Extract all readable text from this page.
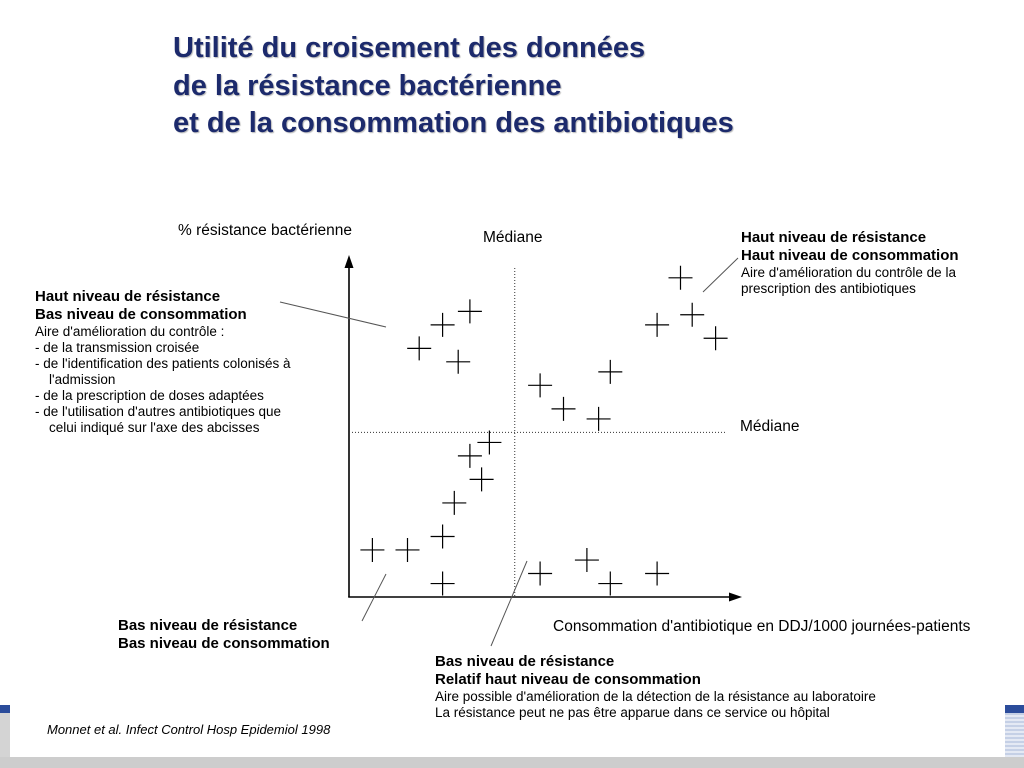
Utilité du croisement des données
de la résistance bactérienne
et de la consommation des antibiotiques
% résistance bactérienne	Médiane
Médiane
Consommation d'antibiotique en DDJ/1000 journées-patients
Haut niveau de résistance
Bas niveau de consommation
Aire d'amélioration du contrôle :
- de la transmission croisée
- de l'identification des patients colonisés à
l'admission
- de la prescription de doses adaptées
- de l'utilisation d'autres antibiotiques que
celui indiqué sur l'axe des abcisses
Haut niveau de résistance
Haut niveau de consommation
Aire d'amélioration du contrôle de la
prescription des antibiotiques
Bas niveau de résistance
Bas niveau de consommation
Bas niveau de résistance
Relatif haut niveau de consommation
Aire possible d'amélioration de la détection de la résistance au laboratoire
La résistance peut ne pas être apparue dans ce service ou hôpital
Monnet et al. Infect Control Hosp Epidemiol 1998
